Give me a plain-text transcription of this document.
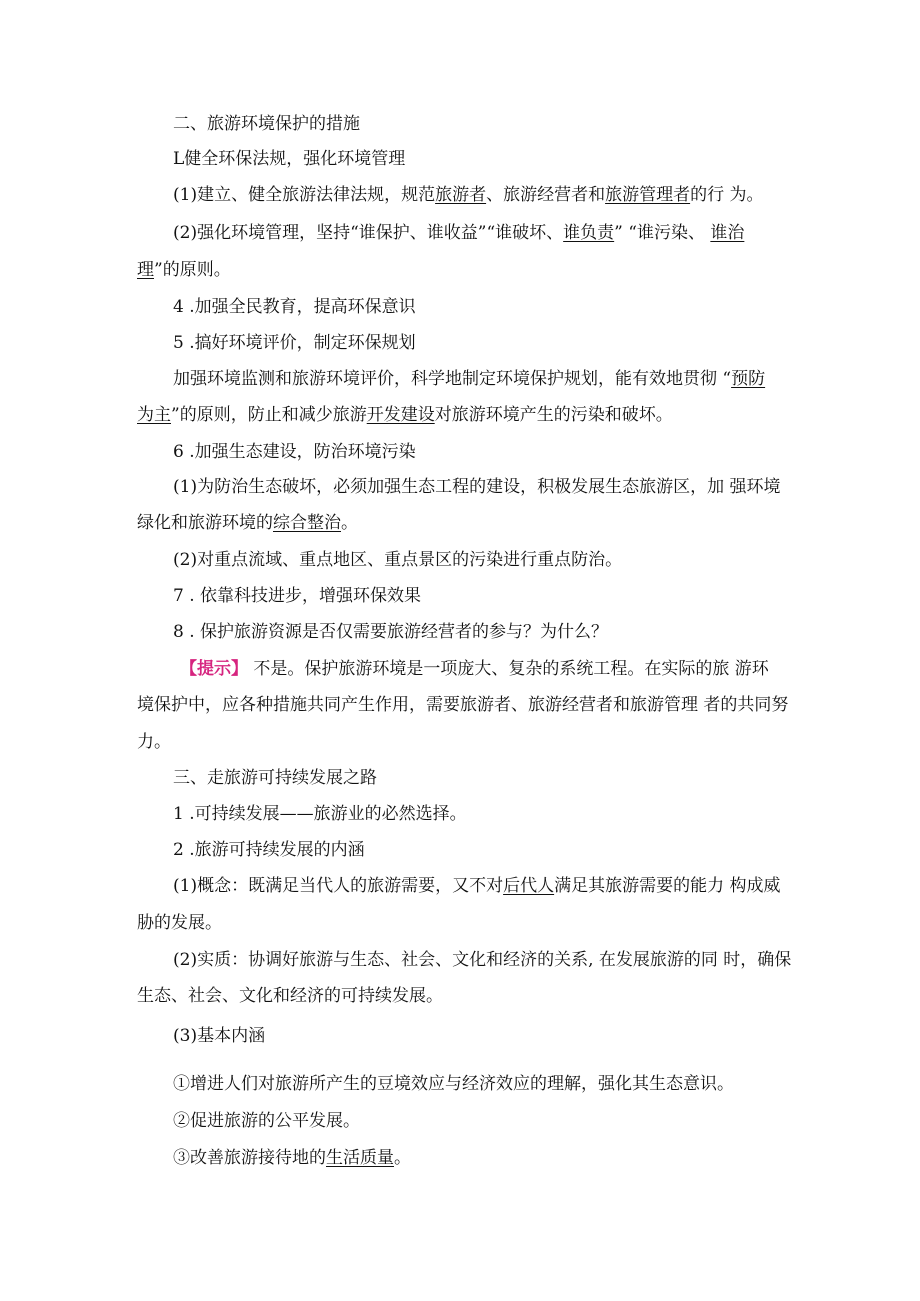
二、旅游环境保护的措施
L健全环保法规，强化环境管理
(1)建立、健全旅游法律法规，规范旅游者、旅游经营者和旅游管理者的行 为。
(2)强化环境管理，坚持“谁保护、谁收益”“谁破坏、谁负责” “谁污染、 谁治
理”的原则。
4 .加强全民教育，提高环保意识
5 .搞好环境评价，制定环保规划
加强环境监测和旅游环境评价，科学地制定环境保护规划，能有效地贯彻 “预防
为主”的原则，防止和减少旅游开发建设对旅游环境产生的污染和破坏。
6 .加强生态建设，防治环境污染
(1)为防治生态破坏，必须加强生态工程的建设，积极发展生态旅游区，加 强环境
绿化和旅游环境的综合整治。
(2)对重点流域、重点地区、重点景区的污染进行重点防治。
7 . 依靠科技进步，增强环保效果
8 . 保护旅游资源是否仅需要旅游经营者的参与？为什么？
【提示】 不是。保护旅游环境是一项庞大、复杂的系统工程。在实际的旅 游环
境保护中，应各种措施共同产生作用，需要旅游者、旅游经营者和旅游管理 者的共同努
力。
三、走旅游可持续发展之路
1 .可持续发展——旅游业的必然选择。
2 .旅游可持续发展的内涵
(1)概念：既满足当代人的旅游需要，又不对后代人满足其旅游需要的能力 构成威
胁的发展。
(2)实质：协调好旅游与生态、社会、文化和经济的关系, 在发展旅游的同 时，确保
生态、社会、文化和经济的可持续发展。
(3)基本内涵
①增进人们对旅游所产生的豆境效应与经济效应的理解，强化其生态意识。
②促进旅游的公平发展。
③改善旅游接待地的生活质量。
